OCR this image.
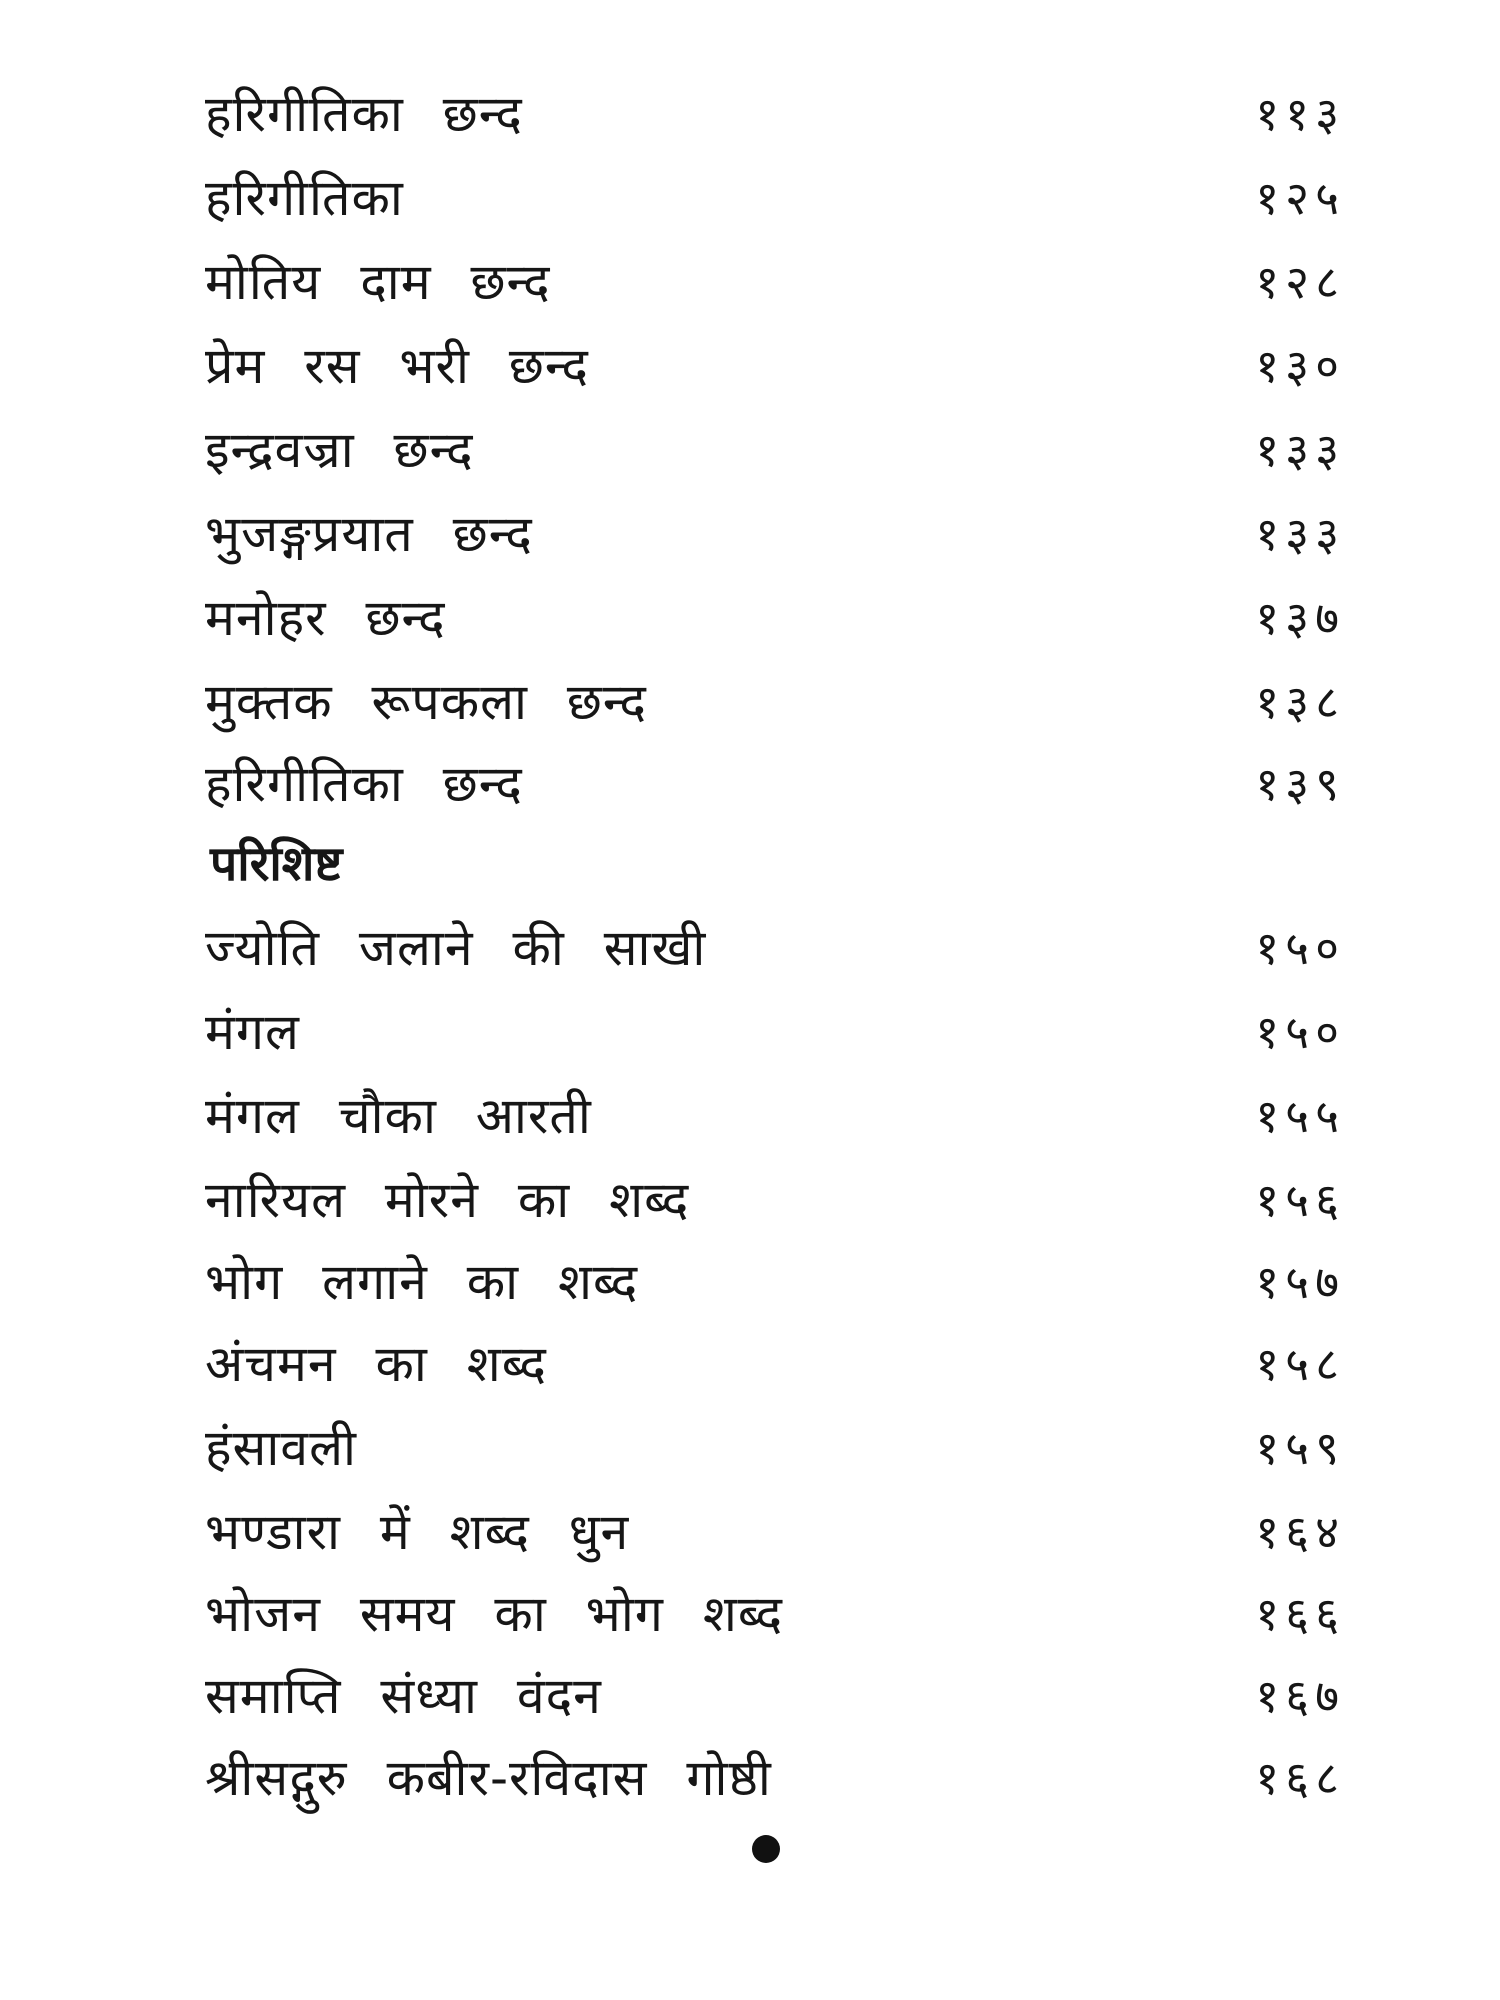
हरिगीतिका छन्द	११३
हरिगीतिका	१२५
मोतिय दाम छन्द	१२८
प्रेम रस भरी छन्द	१३०
इन्द्रवज्रा छन्द	१३३
भुजङ्गप्रयात छन्द	१३३
मनोहर छन्द	१३७
मुक्तक रूपकला छन्द	१३८
हरिगीतिका छन्द	१३९
परिशिष्ट
ज्योति जलाने की साखी	१५०
मंगल	१५०
मंगल चौका आरती	१५५
नारियल मोरने का शब्द	१५६
भोग लगाने का शब्द	१५७
अंचमन का शब्द	१५८
हंसावली	१५९
भण्डारा में शब्द धुन	१६४
भोजन समय का भोग शब्द	१६६
समाप्ति संध्या वंदन	१६७
श्रीसद्गुरु कबीर-रविदास गोष्ठी	१६८
